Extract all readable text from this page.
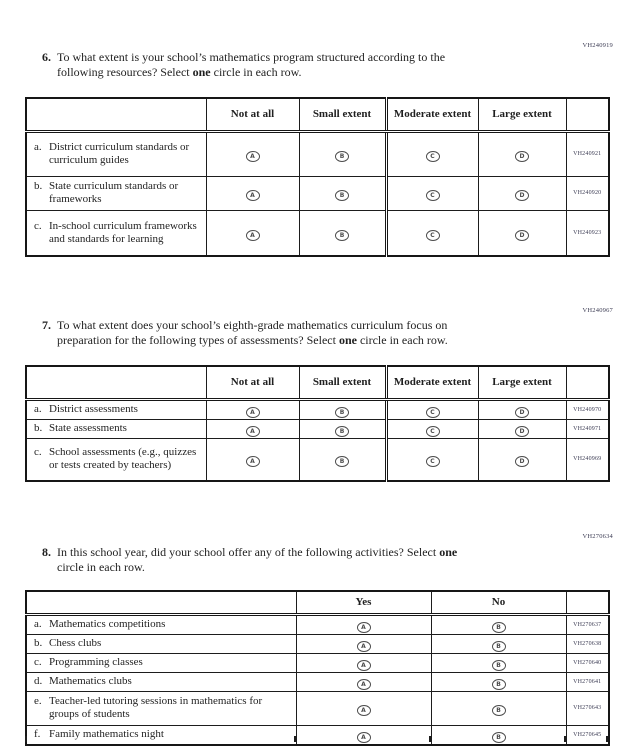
VH240919
6. To what extent is your school’s mathematics program structured according to the
following resources? Select one circle in each row.
	Not at all	Small extent	Moderate extent	Large extent	

a. District curriculum standards or curriculum guides	A	B	C	D	VH240921

b. State curriculum standards or frameworks	A	B	C	D	VH240920

c. In-school curriculum frameworks and standards for learning	A	B	C	D	VH240923
VH240967
7. To what extent does your school’s eighth-grade mathematics curriculum focus on
preparation for the following types of assessments? Select one circle in each row.
	Not at all	Small extent	Moderate extent	Large extent	

a. District assessments	A	B	C	D	VH240970

b. State assessments	A	B	C	D	VH240971

c. School assessments (e.g., quizzes or tests created by teachers)	A	B	C	D	VH240969
VH270634
8. In this school year, did your school offer any of the following activities? Select one
circle in each row.
	Yes	No	

a. Mathematics competitions	A	B	VH270637

b. Chess clubs	A	B	VH270638

c. Programming classes	A	B	VH270640

d. Mathematics clubs	A	B	VH270641

e. Teacher-led tutoring sessions in mathematics for groups of students	A	B	VH270643

f. Family mathematics night	A	B	VH270645
